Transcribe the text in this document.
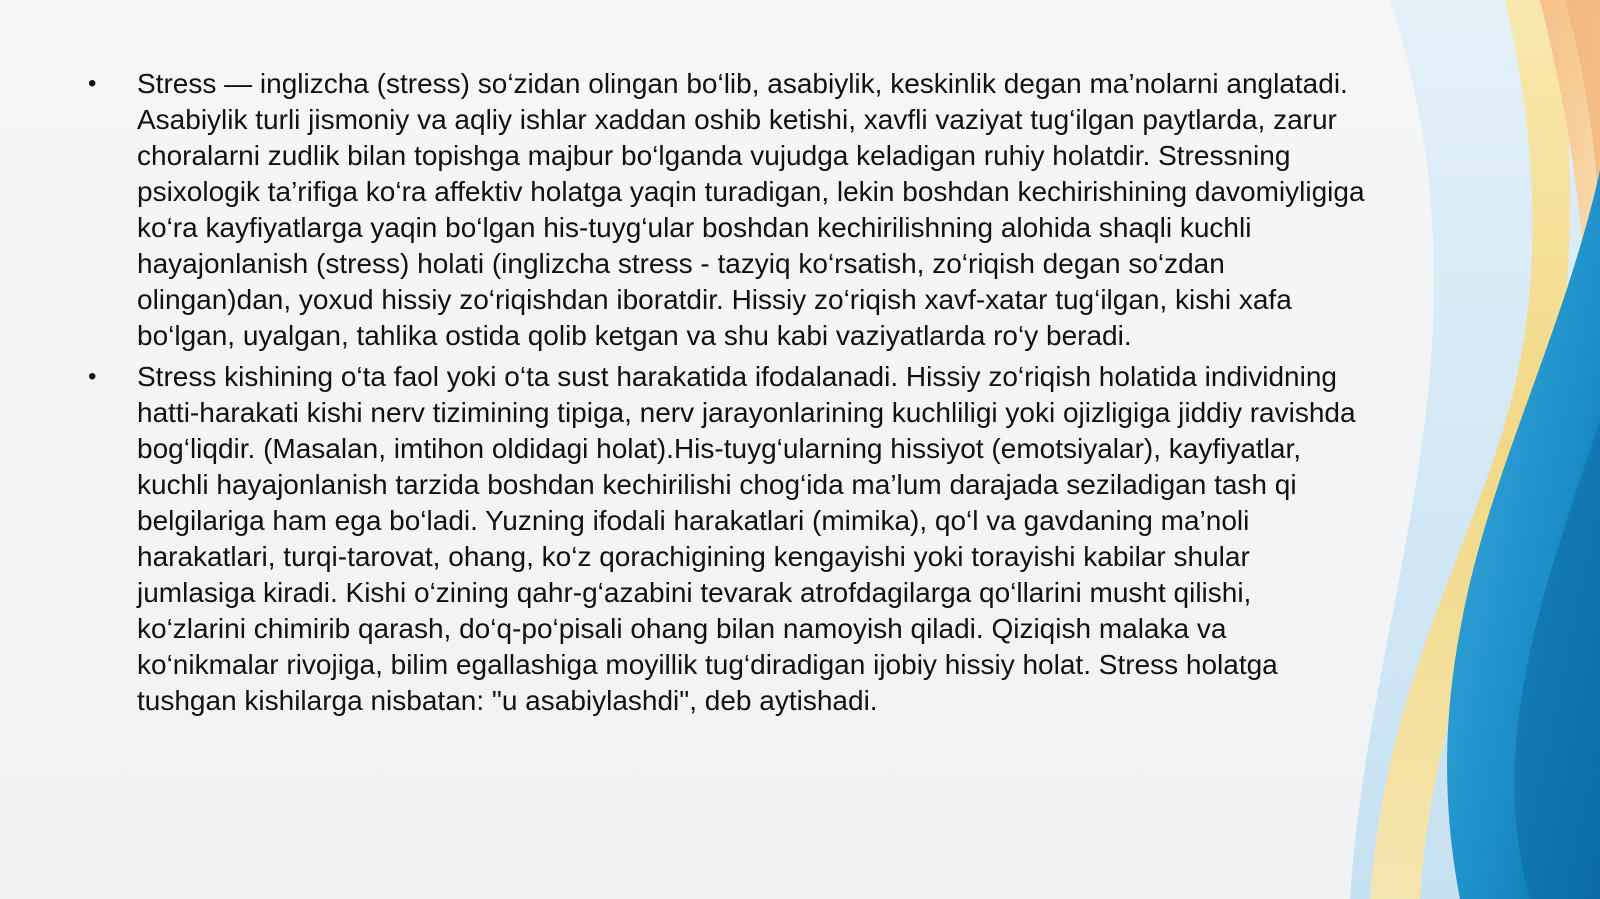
• Stress — inglizcha (stress) so‘zidan olingan bo‘lib, asabiylik, keskinlik degan ma’nolarni anglatadi. Asabiylik turli jismoniy va aqliy ishlar xaddan oshib ketishi, xavfli vaziyat tug‘ilgan paytlarda, zarur choralarni zudlik bilan topishga majbur bo‘lganda vujudga keladigan ruhiy holatdir. Stressning psixologik ta’rifiga ko‘ra affektiv holatga yaqin turadigan, lekin boshdan kechirishining davomiyligiga ko‘ra kayfiyatlarga yaqin bo‘lgan his-tuyg‘ular boshdan kechirilishning alohida shaqli kuchli hayajonlanish (stress) holati (inglizcha stress - tazyiq ko‘rsatish, zo‘riqish degan so‘zdan olingan)dan, yoxud hissiy zo‘riqishdan iboratdir. Hissiy zo‘riqish xavf-xatar tug‘ilgan, kishi xafa bo‘lgan, uyalgan, tahlika ostida qolib ketgan va shu kabi vaziyatlarda ro‘y beradi.
• Stress kishining o‘ta faol yoki o‘ta sust harakatida ifodalanadi. Hissiy zo‘riqish holatida individning hatti-harakati kishi nerv tizimining tipiga, nerv jarayonlarining kuchliligi yoki ojizligiga jiddiy ravishda bog‘liqdir. (Masalan, imtihon oldidagi holat).His-tuyg‘ularning hissiyot (emotsiyalar), kayfiyatlar, kuchli hayajonlanish tarzida boshdan kechirilishi chog‘ida ma’lum darajada seziladigan tash qi belgilariga ham ega bo‘ladi. Yuzning ifodali harakatlari (mimika), qo‘l va gavdaning ma’noli harakatlari, turqi-tarovat, ohang, ko‘z qorachigining kengayishi yoki torayishi kabilar shular jumlasiga kiradi. Kishi o‘zining qahr-g‘azabini tevarak atrofdagilarga qo‘llarini musht qilishi, ko‘zlarini chimirib qarash, do‘q-po‘pisali ohang bilan namoyish qiladi. Qiziqish malaka va ko‘nikmalar rivojiga, bilim egallashiga moyillik tug‘diradigan ijobiy hissiy holat. Stress holatga tushgan kishilarga nisbatan: "u asabiylashdi", deb aytishadi.
